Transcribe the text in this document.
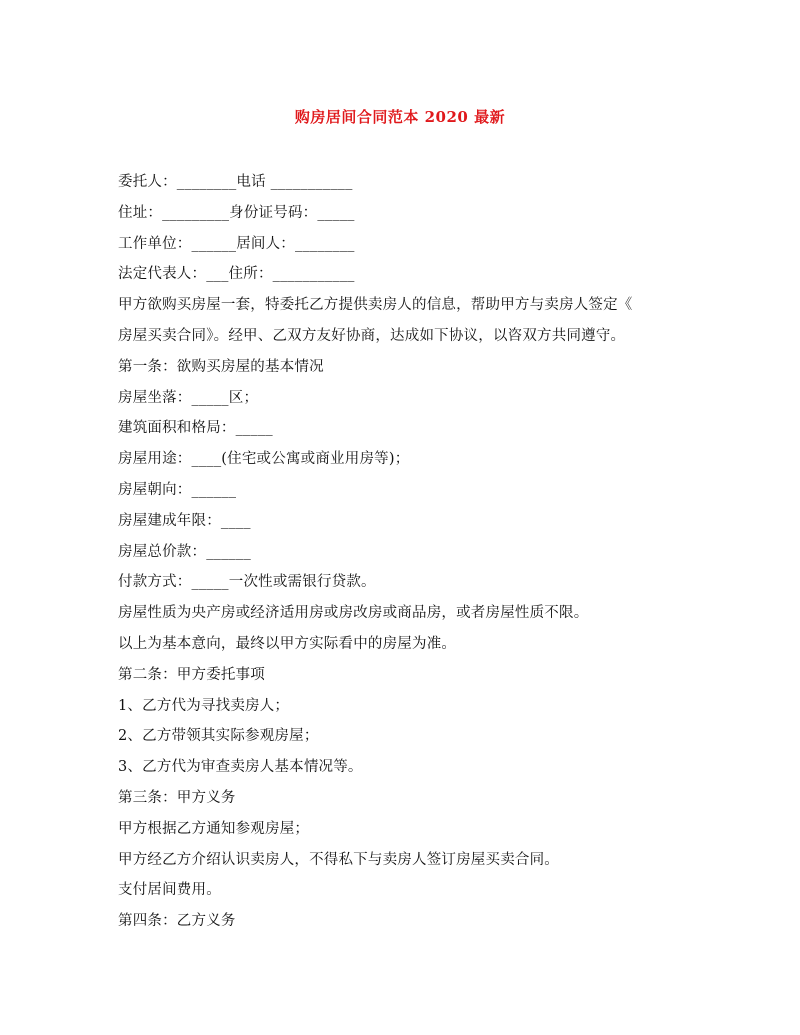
购房居间合同范本 2020 最新
委托人：________电话 ___________
住址：_________身份证号码：_____
工作单位：______居间人：________
法定代表人：___住所：___________
甲方欲购买房屋一套，特委托乙方提供卖房人的信息，帮助甲方与卖房人签定《
房屋买卖合同》。经甲、乙双方友好协商，达成如下协议，以咨双方共同遵守。
第一条：欲购买房屋的基本情况
房屋坐落：_____区；
建筑面积和格局：_____
房屋用途：____(住宅或公寓或商业用房等)；
房屋朝向：______
房屋建成年限：____
房屋总价款：______
付款方式：_____一次性或需银行贷款。
房屋性质为央产房或经济适用房或房改房或商品房，或者房屋性质不限。
以上为基本意向，最终以甲方实际看中的房屋为准。
第二条：甲方委托事项
1、乙方代为寻找卖房人；
2、乙方带领其实际参观房屋；
3、乙方代为审查卖房人基本情况等。
第三条：甲方义务
甲方根据乙方通知参观房屋；
甲方经乙方介绍认识卖房人，不得私下与卖房人签订房屋买卖合同。
支付居间费用。
第四条：乙方义务
